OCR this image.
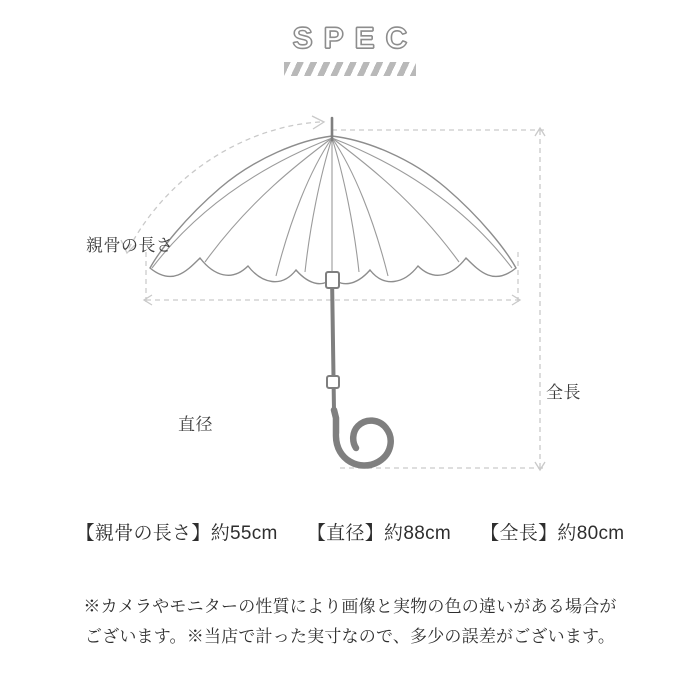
SPEC
親骨の長さ
直径
全長
【親骨の長さ】約55cm 【直径】約88cm 【全長】約80cm
※カメラやモニターの性質により画像と実物の色の違いがある場合が
ございます。※当店で計った実寸なので、多少の誤差がございます。
